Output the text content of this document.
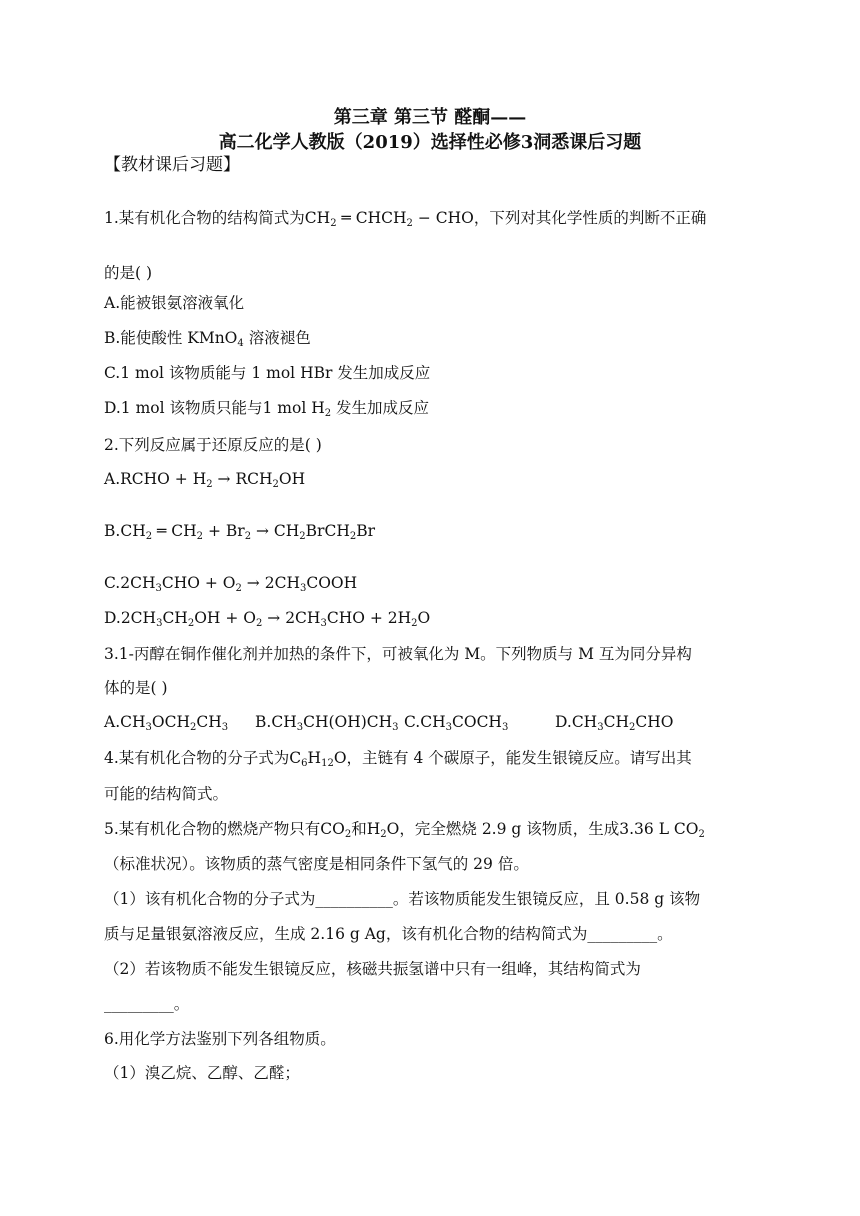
第三章 第三节 醛酮——
高二化学人教版（2019）选择性必修3洞悉课后习题
【教材课后习题】
1.某有机化合物的结构简式为$CH_2$ ═ $CHCH_2$ − CHO，下列对其化学性质的判断不正确
的是( )
A.能被银氨溶液氧化
B.能使酸性 KMnO$_4$ 溶液褪色
C.1 mol 该物质能与 1 mol HBr 发生加成反应
D.1 mol 该物质只能与1 mol $H_2$ 发生加成反应
2.下列反应属于还原反应的是( )
A.RCHO + $H_2 \to RCH_2OH$
$B.CH_2$ ═ $CH_2 + Br_2$ → $CH_2BrCH_2Br$
$C.2CH_3CHO + O_2$ → $2CH_3COOH$
$D.2CH_3CH_2OH + O_2 \to 2CH_3CHO + 2H_2O$
3.1-丙醇在铜作催化剂并加热的条件下，可被氧化为 M。下列物质与 M 互为同分异构
体的是( )
$A.CH_3OCH_2CH_3$ $B.CH_3CH(OH)CH_3$ $C.CH_3COCH_3$	$D.CH_3CH_2CHO$
4.某有机化合物的分子式为$C_6H_{12}O$，主链有 4 个碳原子，能发生银镜反应。请写出其
可能的结构简式。
5.某有机化合物的燃烧产物只有$CO_2$和$H_2O$，完全燃烧 2.9 g 该物质，生成3.36 L $CO_2$
（标准状况）。该物质的蒸气密度是相同条件下氢气的 29 倍。
（1）该有机化合物的分子式为__________。若该物质能发生银镜反应，且 0.58 g 该物
质与足量银氨溶液反应，生成 2.16 g Ag，该有机化合物的结构简式为_________。
（2）若该物质不能发生银镜反应，核磁共振氢谱中只有一组峰，其结构简式为
_________。
6.用化学方法鉴别下列各组物质。
（1）溴乙烷、乙醇、乙醛；
